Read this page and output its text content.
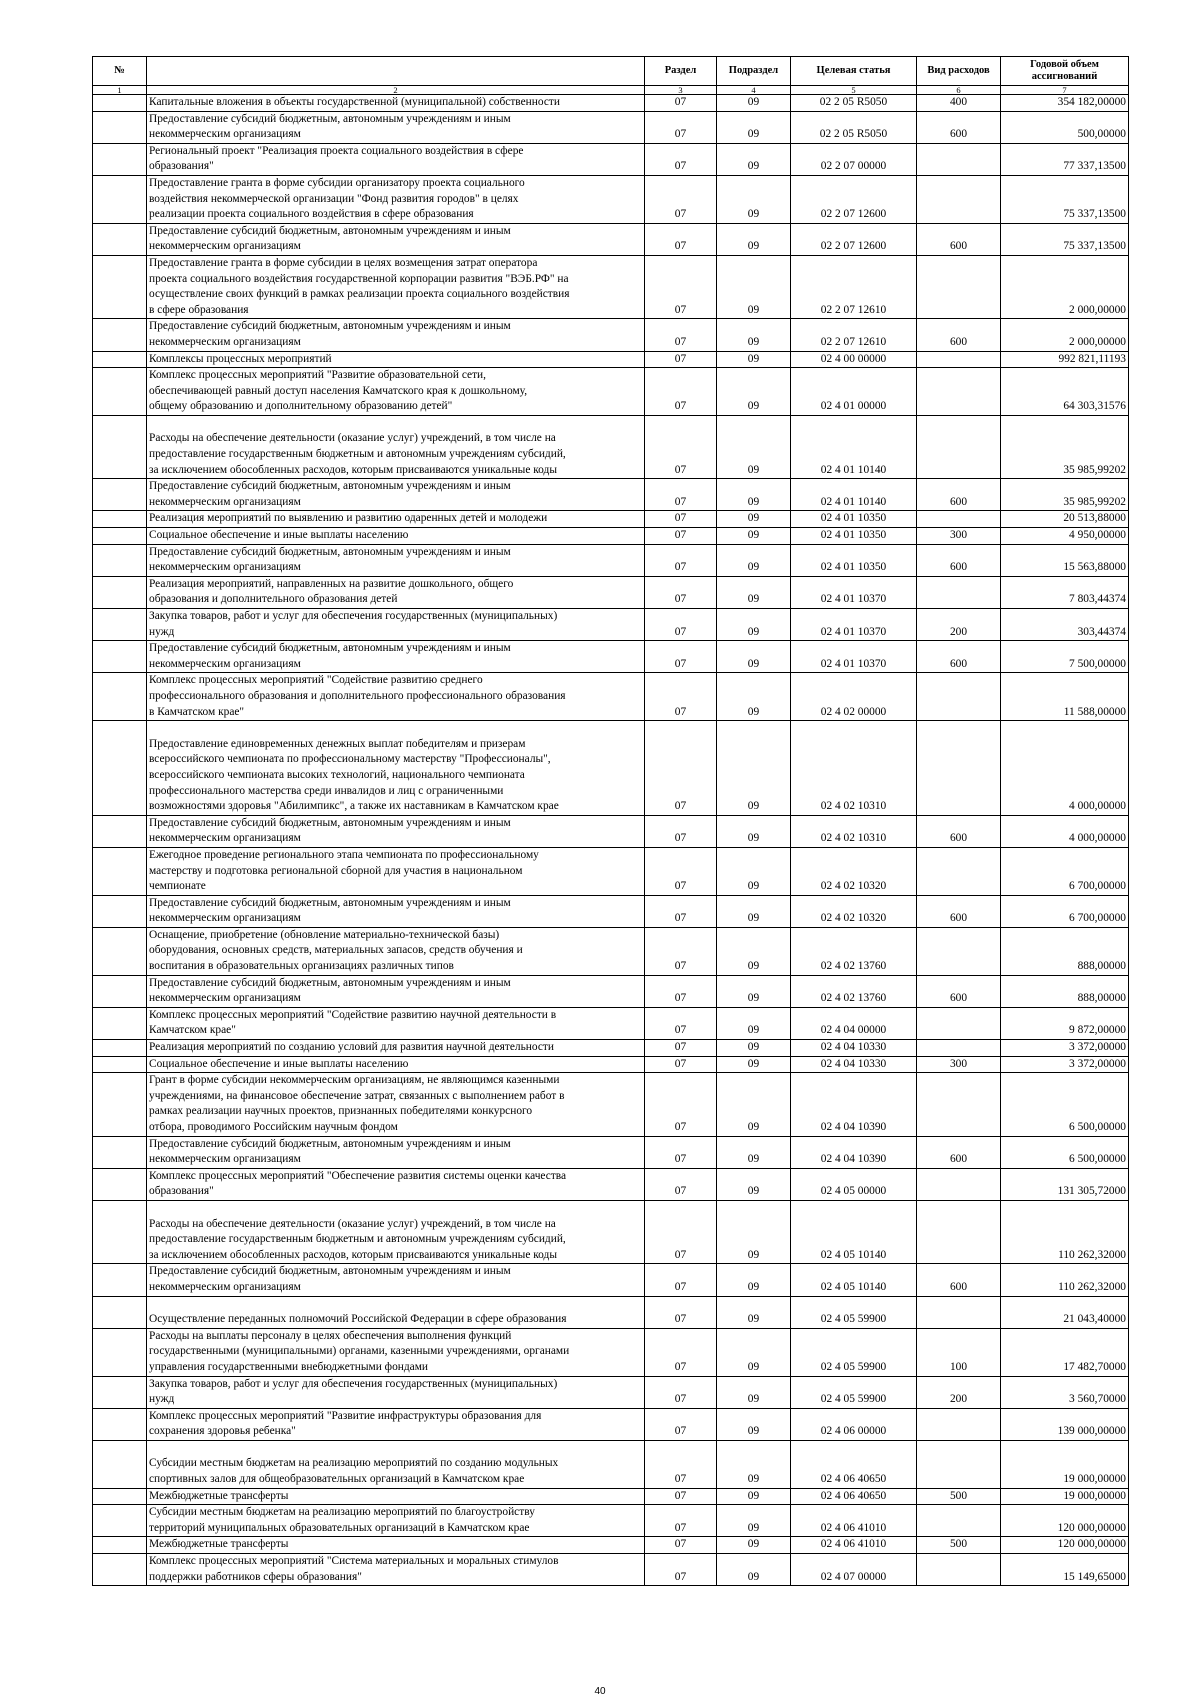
№		Раздел	Подраздел	Целевая статья	Вид расходов	Годовой объем ассигнований
1	2	3	4	5	6	7

	Капитальные вложения в объекты государственной (муниципальной) собственности	07	09	02 2 05 R5050	400	354 182,00000

	Предоставление субсидий бюджетным, автономным учреждениям и иным
некоммерческим организациям	07	09	02 2 05 R5050	600	500,00000

	Региональный проект "Реализация проекта социального воздействия в сфере
образования"	07	09	02 2 07 00000		77 337,13500

	Предоставление гранта в форме субсидии организатору проекта социального
воздействия некоммерческой организации "Фонд развития городов" в целях
реализации проекта социального воздействия в сфере образования	07	09	02 2 07 12600		75 337,13500

	Предоставление субсидий бюджетным, автономным учреждениям и иным
некоммерческим организациям	07	09	02 2 07 12600	600	75 337,13500

	Предоставление гранта в форме субсидии в целях возмещения затрат оператора
проекта социального воздействия государственной корпорации развития "ВЭБ.РФ" на
осуществление своих функций в рамках реализации проекта социального воздействия
в сфере образования	07	09	02 2 07 12610		2 000,00000

	Предоставление субсидий бюджетным, автономным учреждениям и иным
некоммерческим организациям	07	09	02 2 07 12610	600	2 000,00000

	Комплексы процессных мероприятий	07	09	02 4 00 00000		992 821,11193

	Комплекс процессных мероприятий "Развитие образовательной сети,
обеспечивающей равный доступ населения Камчатского края к дошкольному,
общему образованию и дополнительному образованию детей"	07	09	02 4 01 00000		64 303,31576

	Расходы на обеспечение деятельности (оказание услуг) учреждений, в том числе на
предоставление государственным бюджетным и автономным учреждениям субсидий,
за исключением обособленных расходов, которым присваиваются уникальные коды	07	09	02 4 01 10140		35 985,99202

	Предоставление субсидий бюджетным, автономным учреждениям и иным
некоммерческим организациям	07	09	02 4 01 10140	600	35 985,99202

	Реализация мероприятий по выявлению и развитию одаренных детей и молодежи	07	09	02 4 01 10350		20 513,88000

	Социальное обеспечение и иные выплаты населению	07	09	02 4 01 10350	300	4 950,00000

	Предоставление субсидий бюджетным, автономным учреждениям и иным
некоммерческим организациям	07	09	02 4 01 10350	600	15 563,88000

	Реализация мероприятий, направленных на развитие дошкольного, общего
образования и дополнительного образования детей	07	09	02 4 01 10370		7 803,44374

	Закупка товаров, работ и услуг для обеспечения государственных (муниципальных)
нужд	07	09	02 4 01 10370	200	303,44374

	Предоставление субсидий бюджетным, автономным учреждениям и иным
некоммерческим организациям	07	09	02 4 01 10370	600	7 500,00000

	Комплекс процессных мероприятий "Содействие развитию среднего
профессионального образования и дополнительного профессионального образования
в Камчатском крае"	07	09	02 4 02 00000		11 588,00000

	Предоставление единовременных денежных выплат победителям и призерам
всероссийского чемпионата по профессиональному мастерству "Профессионалы",
всероссийского чемпионата высоких технологий, национального чемпионата
профессионального мастерства среди инвалидов и лиц с ограниченными
возможностями здоровья "Абилимпикс", а также их наставникам в Камчатском крае	07	09	02 4 02 10310		4 000,00000

	Предоставление субсидий бюджетным, автономным учреждениям и иным
некоммерческим организациям	07	09	02 4 02 10310	600	4 000,00000

	Ежегодное проведение регионального этапа чемпионата по профессиональному
мастерству и подготовка региональной сборной для участия в национальном
чемпионате	07	09	02 4 02 10320		6 700,00000

	Предоставление субсидий бюджетным, автономным учреждениям и иным
некоммерческим организациям	07	09	02 4 02 10320	600	6 700,00000

	Оснащение, приобретение (обновление материально-технической базы)
оборудования, основных средств, материальных запасов, средств обучения и
воспитания в образовательных организациях различных типов	07	09	02 4 02 13760		888,00000

	Предоставление субсидий бюджетным, автономным учреждениям и иным
некоммерческим организациям	07	09	02 4 02 13760	600	888,00000

	Комплекс процессных мероприятий "Содействие развитию научной деятельности в
Камчатском крае"	07	09	02 4 04 00000		9 872,00000

	Реализация мероприятий по созданию условий для развития научной деятельности	07	09	02 4 04 10330		3 372,00000

	Социальное обеспечение и иные выплаты населению	07	09	02 4 04 10330	300	3 372,00000

	Грант в форме субсидии некоммерческим организациям, не являющимся казенными
учреждениями, на финансовое обеспечение затрат, связанных с выполнением работ в
рамках реализации научных проектов, признанных победителями конкурсного
отбора, проводимого Российским научным фондом	07	09	02 4 04 10390		6 500,00000

	Предоставление субсидий бюджетным, автономным учреждениям и иным
некоммерческим организациям	07	09	02 4 04 10390	600	6 500,00000

	Комплекс процессных мероприятий "Обеспечение развития системы оценки качества
образования"	07	09	02 4 05 00000		131 305,72000

	Расходы на обеспечение деятельности (оказание услуг) учреждений, в том числе на
предоставление государственным бюджетным и автономным учреждениям субсидий,
за исключением обособленных расходов, которым присваиваются уникальные коды	07	09	02 4 05 10140		110 262,32000

	Предоставление субсидий бюджетным, автономным учреждениям и иным
некоммерческим организациям	07	09	02 4 05 10140	600	110 262,32000

	Осуществление переданных полномочий Российской Федерации в сфере образования	07	09	02 4 05 59900		21 043,40000

	Расходы на выплаты персоналу в целях обеспечения выполнения функций
государственными (муниципальными) органами, казенными учреждениями, органами
управления государственными внебюджетными фондами	07	09	02 4 05 59900	100	17 482,70000

	Закупка товаров, работ и услуг для обеспечения государственных (муниципальных)
нужд	07	09	02 4 05 59900	200	3 560,70000

	Комплекс процессных мероприятий "Развитие инфраструктуры образования для
сохранения здоровья ребенка"	07	09	02 4 06 00000		139 000,00000

	Субсидии местным бюджетам на реализацию мероприятий по созданию модульных
спортивных залов для общеобразовательных организаций в Камчатском крае	07	09	02 4 06 40650		19 000,00000

	Межбюджетные трансферты	07	09	02 4 06 40650	500	19 000,00000

	Субсидии местным бюджетам на реализацию мероприятий по благоустройству
территорий муниципальных образовательных организаций в Камчатском крае	07	09	02 4 06 41010		120 000,00000

	Межбюджетные трансферты	07	09	02 4 06 41010	500	120 000,00000

	Комплекс процессных мероприятий "Система материальных и моральных стимулов
поддержки работников сферы образования"	07	09	02 4 07 00000		15 149,65000
40
